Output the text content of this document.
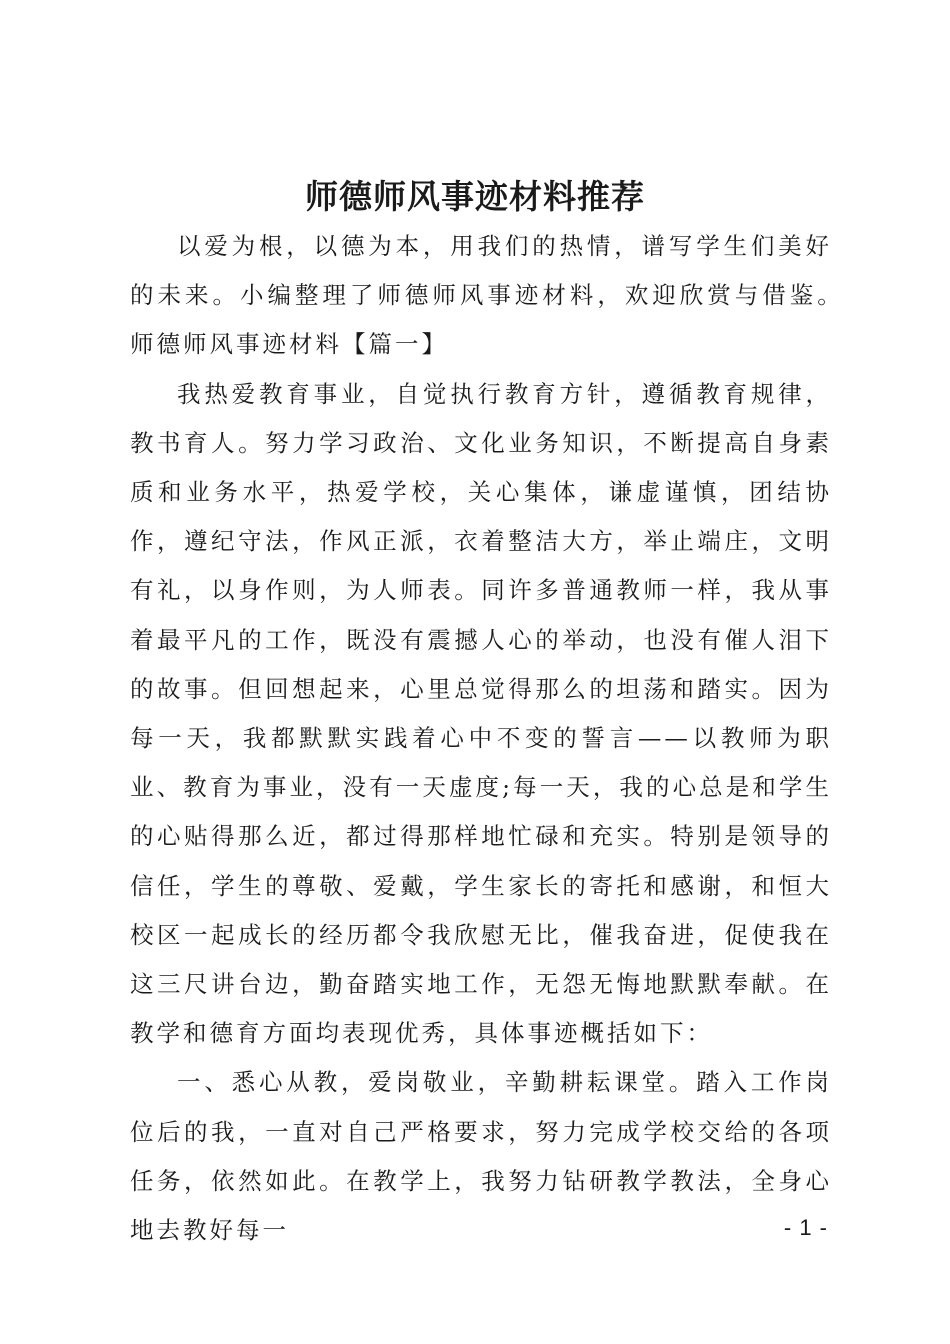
师德师风事迹材料推荐

以爱为根，以德为本，用我们的热情，谱写学生们美好的未来。小编整理了师德师风事迹材料，欢迎欣赏与借鉴。　　师德师风事迹材料【篇一】

我热爱教育事业，自觉执行教育方针，遵循教育规律，教书育人。努力学习政治、文化业务知识，不断提高自身素质和业务水平，热爱学校，关心集体，谦虚谨慎，团结协作，遵纪守法，作风正派，衣着整洁大方，举止端庄，文明有礼，以身作则，为人师表。同许多普通教师一样，我从事着最平凡的工作，既没有震撼人心的举动，也没有催人泪下的故事。但回想起来，心里总觉得那么的坦荡和踏实。因为每一天，我都默默实践着心中不变的誓言——以教师为职业、教育为事业，没有一天虚度;每一天，我的心总是和学生的心贴得那么近，都过得那样地忙碌和充实。特别是领导的信任，学生的尊敬、爱戴，学生家长的寄托和感谢，和恒大校区一起成长的经历都令我欣慰无比，催我奋进，促使我在这三尺讲台边，勤奋踏实地工作，无怨无悔地默默奉献。在教学和德育方面均表现优秀，具体事迹概括如下：

一、悉心从教，爱岗敬业，辛勤耕耘课堂。踏入工作岗位后的我，一直对自己严格要求，努力完成学校交给的各项任务，依然如此。在教学上，我努力钻研教学教法，全身心地去教好每一	- 1 -
